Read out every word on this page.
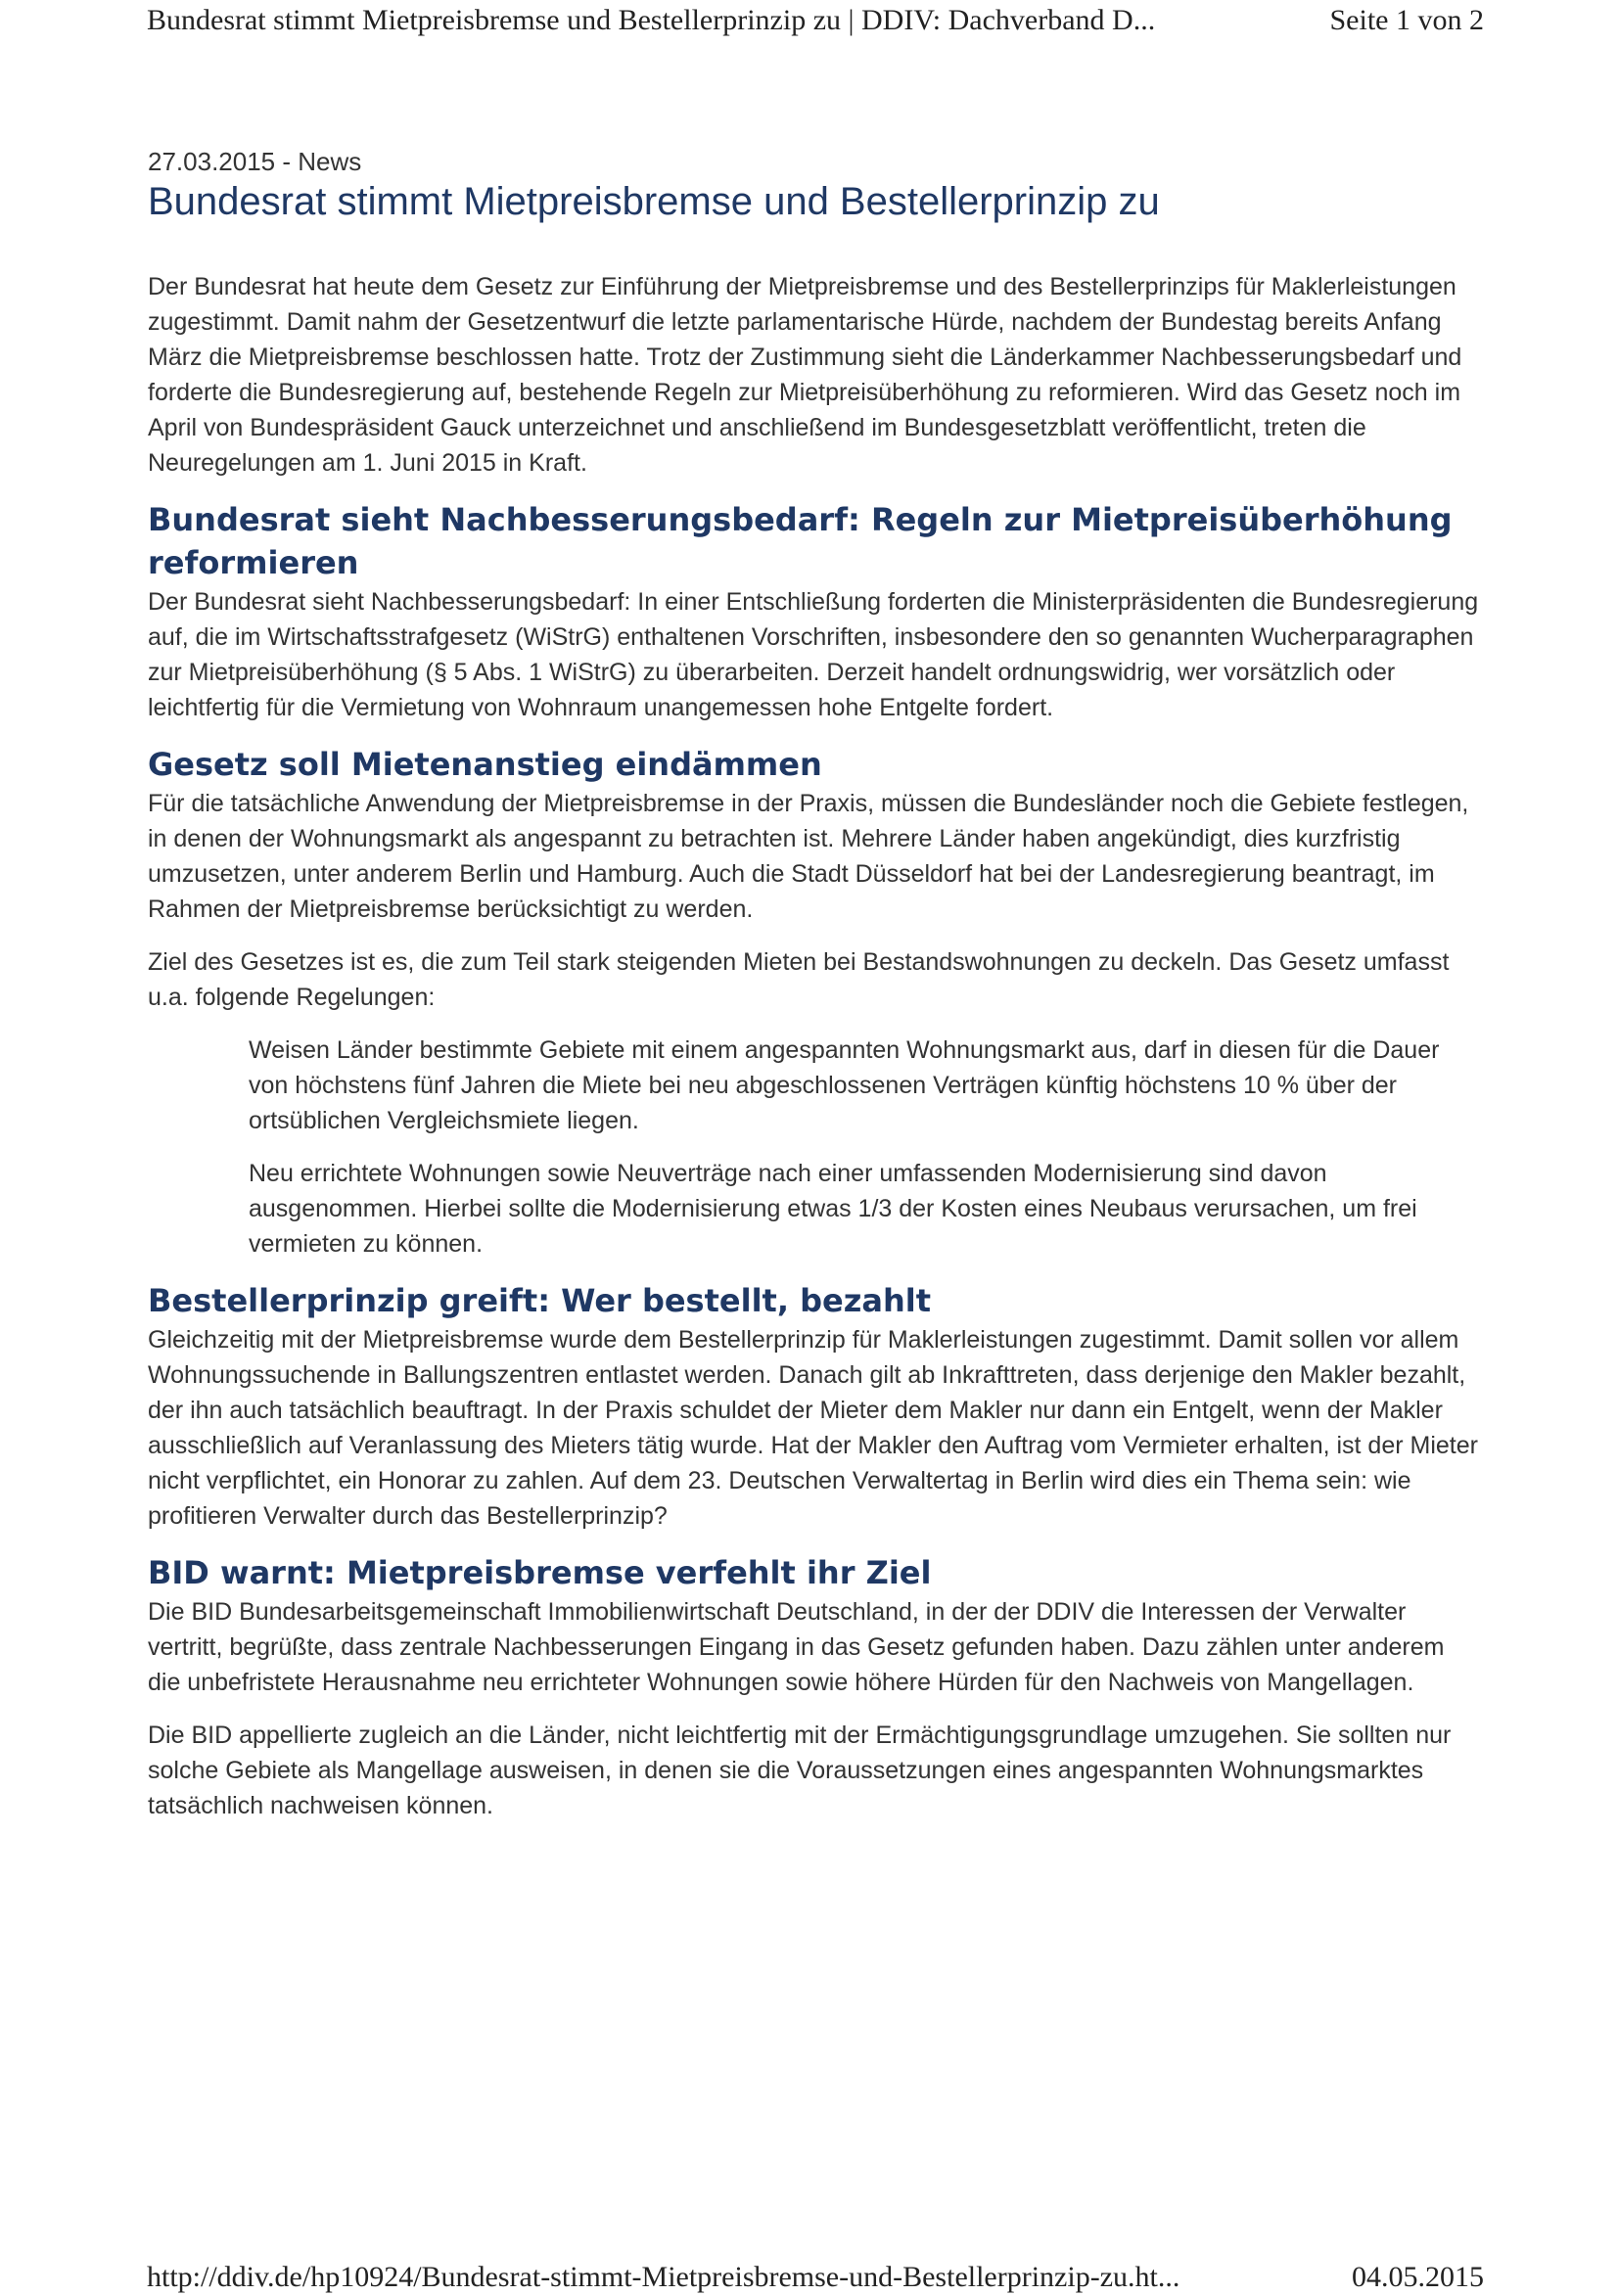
Bundesrat stimmt Mietpreisbremse und Bestellerprinzip zu | DDIV: Dachverband D...	Seite 1 von 2

27.03.2015 - News

Bundesrat stimmt Mietpreisbremse und Bestellerprinzip zu

Der Bundesrat hat heute dem Gesetz zur Einführung der Mietpreisbremse und des Bestellerprinzips für Maklerleistungen zugestimmt. Damit nahm der Gesetzentwurf die letzte parlamentarische Hürde, nachdem der Bundestag bereits Anfang März die Mietpreisbremse beschlossen hatte. Trotz der Zustimmung sieht die Länderkammer Nachbesserungsbedarf und forderte die Bundesregierung auf, bestehende Regeln zur Mietpreisüberhöhung zu reformieren. Wird das Gesetz noch im April von Bundespräsident Gauck unterzeichnet und anschließend im Bundesgesetzblatt veröffentlicht, treten die Neuregelungen am 1. Juni 2015 in Kraft.

Bundesrat sieht Nachbesserungsbedarf: Regeln zur Mietpreisüberhöhung reformieren

Der Bundesrat sieht Nachbesserungsbedarf: In einer Entschließung forderten die Ministerpräsidenten die Bundesregierung auf, die im Wirtschaftsstrafgesetz (WiStrG) enthaltenen Vorschriften, insbesondere den so genannten Wucherparagraphen zur Mietpreisüberhöhung (§ 5 Abs. 1 WiStrG) zu überarbeiten. Derzeit handelt ordnungswidrig, wer vorsätzlich oder leichtfertig für die Vermietung von Wohnraum unangemessen hohe Entgelte fordert.

Gesetz soll Mietenanstieg eindämmen

Für die tatsächliche Anwendung der Mietpreisbremse in der Praxis, müssen die Bundesländer noch die Gebiete festlegen, in denen der Wohnungsmarkt als angespannt zu betrachten ist. Mehrere Länder haben angekündigt, dies kurzfristig umzusetzen, unter anderem Berlin und Hamburg. Auch die Stadt Düsseldorf hat bei der Landesregierung beantragt, im Rahmen der Mietpreisbremse berücksichtigt zu werden.

Ziel des Gesetzes ist es, die zum Teil stark steigenden Mieten bei Bestandswohnungen zu deckeln. Das Gesetz umfasst u.a. folgende Regelungen:

Weisen Länder bestimmte Gebiete mit einem angespannten Wohnungsmarkt aus, darf in diesen für die Dauer von höchstens fünf Jahren die Miete bei neu abgeschlossenen Verträgen künftig höchstens 10 % über der ortsüblichen Vergleichsmiete liegen.

Neu errichtete Wohnungen sowie Neuverträge nach einer umfassenden Modernisierung sind davon ausgenommen. Hierbei sollte die Modernisierung etwas 1/3 der Kosten eines Neubaus verursachen, um frei vermieten zu können.

Bestellerprinzip greift: Wer bestellt, bezahlt

Gleichzeitig mit der Mietpreisbremse wurde dem Bestellerprinzip für Maklerleistungen zugestimmt. Damit sollen vor allem Wohnungssuchende in Ballungszentren entlastet werden. Danach gilt ab Inkrafttreten, dass derjenige den Makler bezahlt, der ihn auch tatsächlich beauftragt. In der Praxis schuldet der Mieter dem Makler nur dann ein Entgelt, wenn der Makler ausschließlich auf Veranlassung des Mieters tätig wurde. Hat der Makler den Auftrag vom Vermieter erhalten, ist der Mieter nicht verpflichtet, ein Honorar zu zahlen. Auf dem 23. Deutschen Verwaltertag in Berlin wird dies ein Thema sein: wie profitieren Verwalter durch das Bestellerprinzip?

BID warnt: Mietpreisbremse verfehlt ihr Ziel

Die BID Bundesarbeitsgemeinschaft Immobilienwirtschaft Deutschland, in der der DDIV die Interessen der Verwalter vertritt, begrüßte, dass zentrale Nachbesserungen Eingang in das Gesetz gefunden haben. Dazu zählen unter anderem die unbefristete Herausnahme neu errichteter Wohnungen sowie höhere Hürden für den Nachweis von Mangellagen.

Die BID appellierte zugleich an die Länder, nicht leichtfertig mit der Ermächtigungsgrundlage umzugehen. Sie sollten nur solche Gebiete als Mangellage ausweisen, in denen sie die Voraussetzungen eines angespannten Wohnungsmarktes tatsächlich nachweisen können.

http://ddiv.de/hp10924/Bundesrat-stimmt-Mietpreisbremse-und-Bestellerprinzip-zu.ht...	04.05.2015
